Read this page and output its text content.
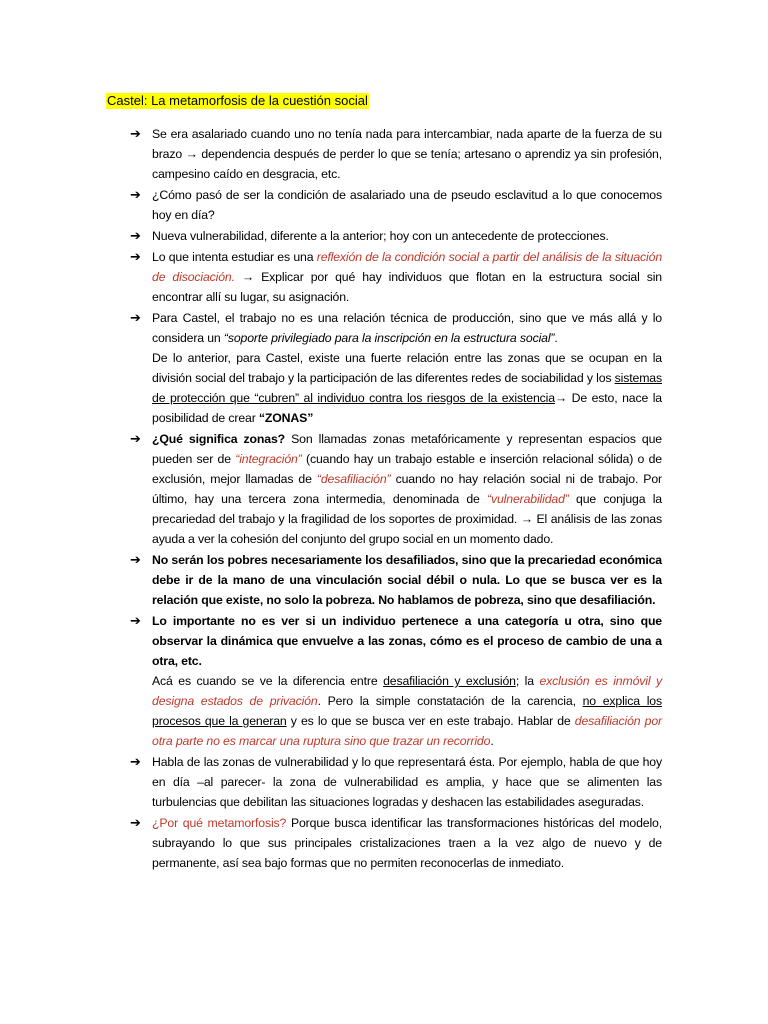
Castel: La metamorfosis de la cuestión social
➔ Se era asalariado cuando uno no tenía nada para intercambiar, nada aparte de la fuerza de su brazo → dependencia después de perder lo que se tenía; artesano o aprendiz ya sin profesión, campesino caído en desgracia, etc.

➔ ¿Cómo pasó de ser la condición de asalariado una de pseudo esclavitud a lo que conocemos hoy en día?

➔ Nueva vulnerabilidad, diferente a la anterior; hoy con un antecedente de protecciones.

➔ Lo que intenta estudiar es una reflexión de la condición social a partir del análisis de la situación de disociación. → Explicar por qué hay individuos que flotan en la estructura social sin encontrar allí su lugar, su asignación.

➔ Para Castel, el trabajo no es una relación técnica de producción, sino que ve más allá y lo considera un “soporte privilegiado para la inscripción en la estructura social”.

De lo anterior, para Castel, existe una fuerte relación entre las zonas que se ocupan en la división social del trabajo y la participación de las diferentes redes de sociabilidad y los sistemas de protección que “cubren” al individuo contra los riesgos de la existencia→ De esto, nace la posibilidad de crear “ZONAS”

➔ ¿Qué significa zonas? Son llamadas zonas metafóricamente y representan espacios que pueden ser de “integración” (cuando hay un trabajo estable e inserción relacional sólida) o de exclusión, mejor llamadas de “desafiliación” cuando no hay relación social ni de trabajo. Por último, hay una tercera zona intermedia, denominada de “vulnerabilidad” que conjuga la precariedad del trabajo y la fragilidad de los soportes de proximidad. → El análisis de las zonas ayuda a ver la cohesión del conjunto del grupo social en un momento dado.

➔ No serán los pobres necesariamente los desafiliados, sino que la precariedad económica debe ir de la mano de una vinculación social débil o nula. Lo que se busca ver es la relación que existe, no solo la pobreza. No hablamos de pobreza, sino que desafiliación.

➔ Lo importante no es ver si un individuo pertenece a una categoría u otra, sino que observar la dinámica que envuelve a las zonas, cómo es el proceso de cambio de una a otra, etc.

Acá es cuando se ve la diferencia entre desafiliación y exclusión; la exclusión es inmóvil y designa estados de privación. Pero la simple constatación de la carencia, no explica los procesos que la generan y es lo que se busca ver en este trabajo. Hablar de desafiliación por otra parte no es marcar una ruptura sino que trazar un recorrido.

➔ Habla de las zonas de vulnerabilidad y lo que representará ésta. Por ejemplo, habla de que hoy en día –al parecer- la zona de vulnerabilidad es amplia, y hace que se alimenten las turbulencias que debilitan las situaciones logradas y deshacen las estabilidades aseguradas.

➔ ¿Por qué metamorfosis? Porque busca identificar las transformaciones históricas del modelo, subrayando lo que sus principales cristalizaciones traen a la vez algo de nuevo y de permanente, así sea bajo formas que no permiten reconocerlas de inmediato.
